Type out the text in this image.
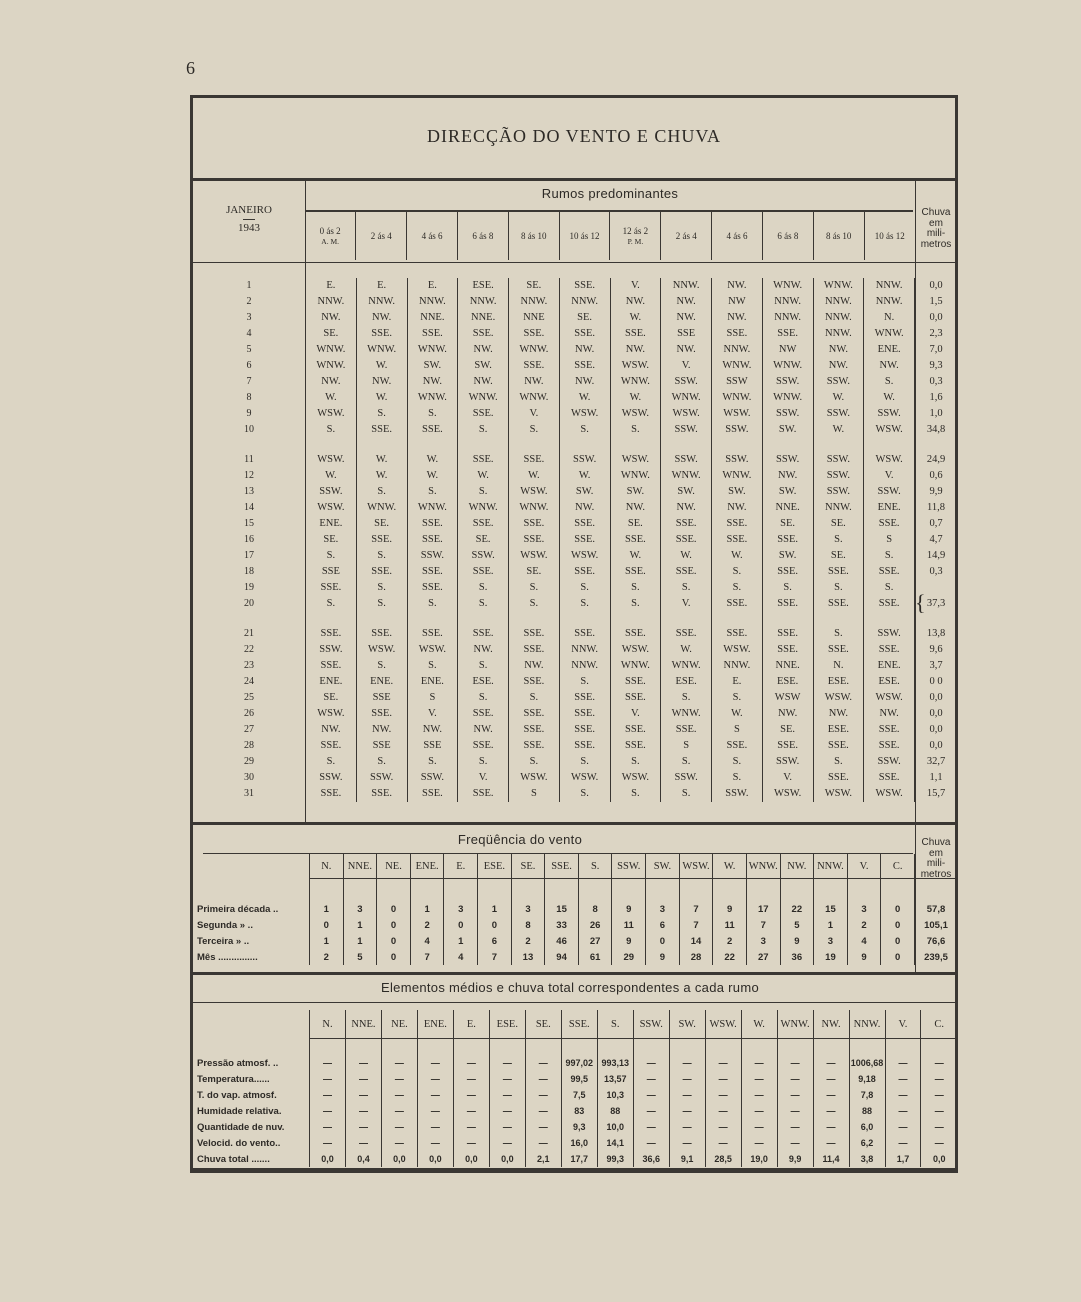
6
DIRECÇÃO DO VENTO E CHUVA
JANEIRO
1943
Rumos predominantes
Chuva
em
mili-
metros
0 ás 2
A. M.

2 ás 4	4 ás 6	6 ás 8	8 ás 10	10 ás 12	12 ás 2
P. M.

2 ás 4	4 ás 6	6 ás 8	8 ás 10	10 ás 12
1	E.	E.	E.	ESE.	SE.	SSE.	V.	NNW.	NW.	WNW.	WNW.	NNW.	0,0
2	NNW.	NNW.	NNW.	NNW.	NNW.	NNW.	NW.	NW.	NW	NNW.	NNW.	NNW.	1,5
3	NW.	NW.	NNE.	NNE.	NNE	SE.	W.	NW.	NW.	NNW.	NNW.	N.	0,0
4	SE.	SSE.	SSE.	SSE.	SSE.	SSE.	SSE.	SSE	SSE.	SSE.	NNW.	WNW.	2,3
5	WNW.	WNW.	WNW.	NW.	WNW.	NW.	NW.	NW.	NNW.	NW	NW.	ENE.	7,0
6	WNW.	W.	SW.	SW.	SSE.	SSE.	WSW.	V.	WNW.	WNW.	NW.	NW.	9,3
7	NW.	NW.	NW.	NW.	NW.	NW.	WNW.	SSW.	SSW	SSW.	SSW.	S.	0,3
8	W.	W.	WNW.	WNW.	WNW.	W.	W.	WNW.	WNW.	WNW.	W.	W.	1,6
9	WSW.	S.	S.	SSE.	V.	WSW.	WSW.	WSW.	WSW.	SSW.	SSW.	SSW.	1,0
10	S.	SSE.	SSE.	S.	S.	S.	S.	SSW.	SSW.	SW.	W.	WSW.	34,8

11	WSW.	W.	W.	SSE.	SSE.	SSW.	WSW.	SSW.	SSW.	SSW.	SSW.	WSW.	24,9
12	W.	W.	W.	W.	W.	W.	WNW.	WNW.	WNW.	NW.	SSW.	V.	0,6
13	SSW.	S.	S.	S.	WSW.	SW.	SW.	SW.	SW.	SW.	SSW.	SSW.	9,9
14	WSW.	WNW.	WNW.	WNW.	WNW.	NW.	NW.	NW.	NW.	NNE.	NNW.	ENE.	11,8
15	ENE.	SE.	SSE.	SSE.	SSE.	SSE.	SE.	SSE.	SSE.	SE.	SE.	SSE.	0,7
16	SE.	SSE.	SSE.	SE.	SSE.	SSE.	SSE.	SSE.	SSE.	SSE.	S.	S	4,7
17	S.	S.	SSW.	SSW.	WSW.	WSW.	W.	W.	W.	SW.	SE.	S.	14,9
18	SSE	SSE.	SSE.	SSE.	SE.	SSE.	SSE.	SSE.	S.	SSE.	SSE.	SSE.	0,3
19	SSE.	S.	SSE.	S.	S.	S.	S.	S.	S.	S.	S.	S.	
20	S.	S.	S.	S.	S.	S.	S.	V.	SSE.	SSE.	SSE.	SSE.	37,3

21	SSE.	SSE.	SSE.	SSE.	SSE.	SSE.	SSE.	SSE.	SSE.	SSE.	S.	SSW.	13,8
22	SSW.	WSW.	WSW.	NW.	SSE.	NNW.	WSW.	W.	WSW.	SSE.	SSE.	SSE.	9,6
23	SSE.	S.	S.	S.	NW.	NNW.	WNW.	WNW.	NNW.	NNE.	N.	ENE.	3,7
24	ENE.	ENE.	ENE.	ESE.	SSE.	S.	SSE.	ESE.	E.	ESE.	ESE.	ESE.	0 0
25	SE.	SSE	S	S.	S.	SSE.	SSE.	S.	S.	WSW	WSW.	WSW.	0,0
26	WSW.	SSE.	V.	SSE.	SSE.	SSE.	V.	WNW.	W.	NW.	NW.	NW.	0,0
27	NW.	NW.	NW.	NW.	SSE.	SSE.	SSE.	SSE.	S	SE.	ESE.	SSE.	0,0
28	SSE.	SSE	SSE	SSE.	SSE.	SSE.	SSE.	S	SSE.	SSE.	SSE.	SSE.	0,0
29	S.	S.	S.	S.	S.	S.	S.	S.	S.	SSW.	S.	SSW.	32,7
30	SSW.	SSW.	SSW.	V.	WSW.	WSW.	WSW.	SSW.	S.	V.	SSE.	SSE.	1,1
31	SSE.	SSE.	SSE.	SSE.	S	S.	S.	S.	SSW.	WSW.	WSW.	WSW.	15,7
{
Freqüência do vento	Chuva
em
mili-
metros
	N.	NNE.	NE.	ENE.	E.	ESE.	SE.	SSE.	S.	SSW.	SW.	WSW.	W.	WNW.	NW.	NNW.	V.	C.	

Primeira década ..	1	3	0	1	3	1	3	15	8	9	3	7	9	17	22	15	3	0	57,8
Segunda » ..	0	1	0	2	0	0	8	33	26	11	6	7	11	7	5	1	2	0	105,1
Terceira » ..	1	1	0	4	1	6	2	46	27	9	0	14	2	3	9	3	4	0	76,6
Mês ...............	2	5	0	7	4	7	13	94	61	29	9	28	22	27	36	19	9	0	239,5
Elementos médios e chuva total correspondentes a cada rumo
	N.	NNE.	NE.	ENE.	E.	ESE.	SE.	SSE.	S.	SSW.	SW.	WSW.	W.	WNW.	NW.	NNW.	V.	C.

Pressão atmosf. ..	—	—	—	—	—	—	—	997,02	993,13	—	—	—	—	—	—	1006,68	—	—
Temperatura......	—	—	—	—	—	—	—	99,5	13,57	—	—	—	—	—	—	9,18	—	—
T. do vap. atmosf.	—	—	—	—	—	—	—	7,5	10,3	—	—	—	—	—	—	7,8	—	—
Humidade relativa.	—	—	—	—	—	—	—	83	88	—	—	—	—	—	—	88	—	—
Quantidade de nuv.	—	—	—	—	—	—	—	9,3	10,0	—	—	—	—	—	—	6,0	—	—
Velocid. do vento..	—	—	—	—	—	—	—	16,0	14,1	—	—	—	—	—	—	6,2	—	—
Chuva total .......	0,0	0,4	0,0	0,0	0,0	0,0	2,1	17,7	99,3	36,6	9,1	28,5	19,0	9,9	11,4	3,8	1,7	0,0
